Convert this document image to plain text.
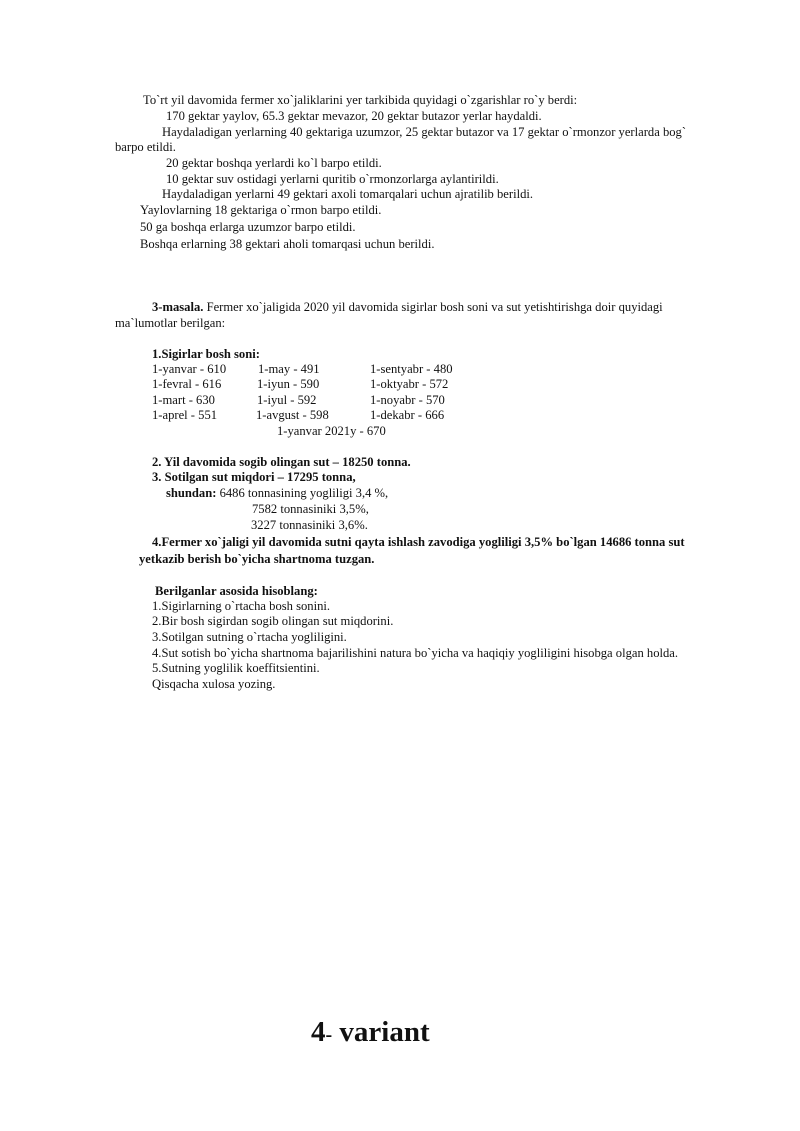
To`rt yil davomida fermer xo`jaliklarini yer tarkibida quyidagi o`zgarishlar ro`y berdi:
170 gektar yaylov, 65.3 gektar mevazor, 20 gektar butazor yerlar haydaldi.
Haydaladigan yerlarning 40 gektariga uzumzor, 25 gektar butazor va 17 gektar o`rmonzor yerlarda bog`
barpo etildi.
20 gektar boshqa yerlardi ko`l barpo etildi.
10 gektar suv ostidagi yerlarni quritib o`rmonzorlarga aylantirildi.
Haydaladigan yerlarni 49 gektari axoli tomarqalari uchun ajratilib berildi.
Yaylovlarning 18 gektariga o`rmon barpo etildi.
50 ga boshqa erlarga uzumzor barpo etildi.
Boshqa erlarning 38 gektari aholi tomarqasi uchun berildi.
3-masala. Fermer xo`jaligida 2020 yil davomida sigirlar bosh soni va sut yetishtirishga doir quyidagi
ma`lumotlar berilgan:
1.Sigirlar bosh soni:
1-yanvar - 610	1-may - 491	1-sentyabr - 480
1-fevral - 616	1-iyun - 590	1-oktyabr - 572
1-mart - 630	1-iyul - 592	1-noyabr - 570
1-aprel - 551	1-avgust - 598	1-dekabr - 666
1-yanvar 2021y - 670
2. Yil davomida sogib olingan sut – 18250 tonna.
3. Sotilgan sut miqdori – 17295 tonna,
shundan: 6486 tonnasining yogliligi 3,4 %,
7582 tonnasiniki 3,5%,
3227 tonnasiniki 3,6%.
4.Fermer xo`jaligi yil davomida sutni qayta ishlash zavodiga yogliligi 3,5% bo`lgan 14686 tonna sut
yetkazib berish bo`yicha shartnoma tuzgan.
Berilganlar asosida hisoblang:
1.Sigirlarning o`rtacha bosh sonini.
2.Bir bosh sigirdan sogib olingan sut miqdorini.
3.Sotilgan sutning o`rtacha yogliligini.
4.Sut sotish bo`yicha shartnoma bajarilishini natura bo`yicha va haqiqiy yogliligini hisobga olgan holda.
5.Sutning yoglilik koeffitsientini.
Qisqacha xulosa yozing.
4- variant
